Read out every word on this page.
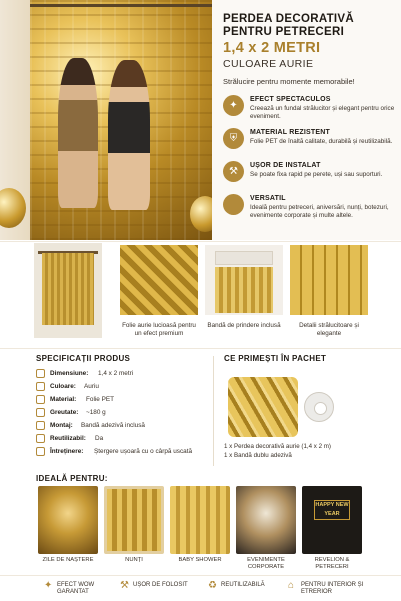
PERDEA DECORATIVĂ
PENTRU PETRECERI
1,4 x 2 METRI
CULOARE AURIE
Strălucire pentru momente memorabile!
✦
EFECT SPECTACULOS
Creează un fundal strălucitor și elegant pentru orice eveniment.
⛨
MATERIAL REZISTENT
Folie PET de înaltă calitate, durabilă și reutilizabilă.
⚒
UȘOR DE INSTALAT
Se poate fixa rapid pe perete, uși sau suporturi.
VERSATIL
Ideală pentru petreceri, aniversări, nunți, botezuri, evenimente corporate și multe altele.
Folie aurie lucioasă pentru un efect premium
Bandă de prindere inclusă	Detalii strălucitoare și elegante
SPECIFICAȚII PRODUS
Dimensiune: 1,4 x 2 metri
Culoare: Auriu
Material: Folie PET
Greutate: ~180 g
Montaj: Bandă adezivă inclusă
Reutilizabil: Da
Întreținere: Ștergere ușoară cu o cârpă uscată
CE PRIMEȘTI ÎN PACHET
1 x Perdea decorativă aurie (1,4 x 2 m)
1 x Bandă dublu adezivă
IDEALĂ PENTRU:
HAPPY NEW YEAR
ZILE DE NAȘTERE	NUNȚI	BABY SHOWER	EVENIMENTE CORPORATE
REVELION & PETRECERI
✦ EFECT WOW GARANTAT
⚒ UȘOR DE FOLOSIT	♻ REUTILIZABILĂ	⌂ PENTRU INTERIOR ȘI ETRERIOR
